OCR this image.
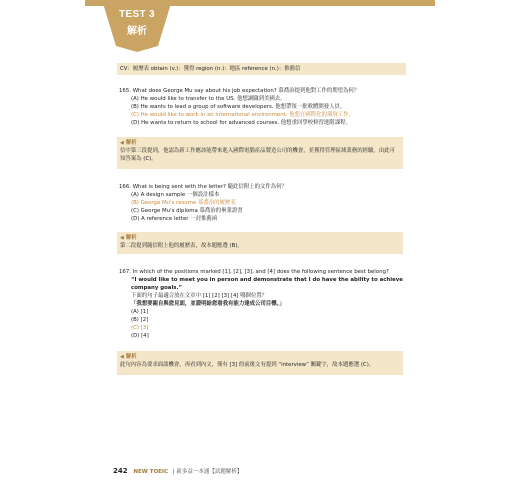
TEST 3
解析
CV：履歷表 obtain (v.)：獲得 region (n.)：地區 reference (n.)：推薦信
165. What does George Mu say about his job expectation? 慕喬治提到他對工作的期望為何？
(A) He would like to transfer to the US. 他想調職到美國去。
(B) He wants to lead a group of software developers. 他想帶領一批軟體開發人員。
(C) He would like to work in an international environment. 他想在國際化的環境工作。
(D) He wants to return to school for advanced courses. 他想重回學校修習進階課程。
◀ 解析
信中第三段提到，他認為新工作應該能帶來進入國際電腦產品製造公司的機會，並獲得管理區域業務的經驗。由此可知答案為 (C)。
166. What is being sent with the letter? 隨此信附上的文件為何？
(A) A design sample 一個設計樣本
(B) George Mu's resume 慕喬治的履歷表
(C) George Mu's diploma 慕喬治的畢業證書
(D) A reference letter 一封推薦函
◀ 解析
第二段提到隨信附上他的履歷表，故本題應選 (B)。
167. In which of the positions marked [1], [2], [3], and [4] does the following sentence best belong?
“I would like to meet you in person and demonstrate that I do have the ability to achieve
company goals.”
下面的句子最適合放在文章中 [1] [2] [3] [4] 哪個位置？
「我想要親自與您見面，並證明給您看我有能力達成公司目標。」
(A) [1]
(B) [2]
(C) [3]
(D) [4]
◀ 解析
此句內容為要求面談機會，再看到內文，僅有 [3] 的前後文有提到 “interview” 關鍵字，故本題應選 (C)。
242 NEW TOEIC | 新多益一本通【試題解析】
